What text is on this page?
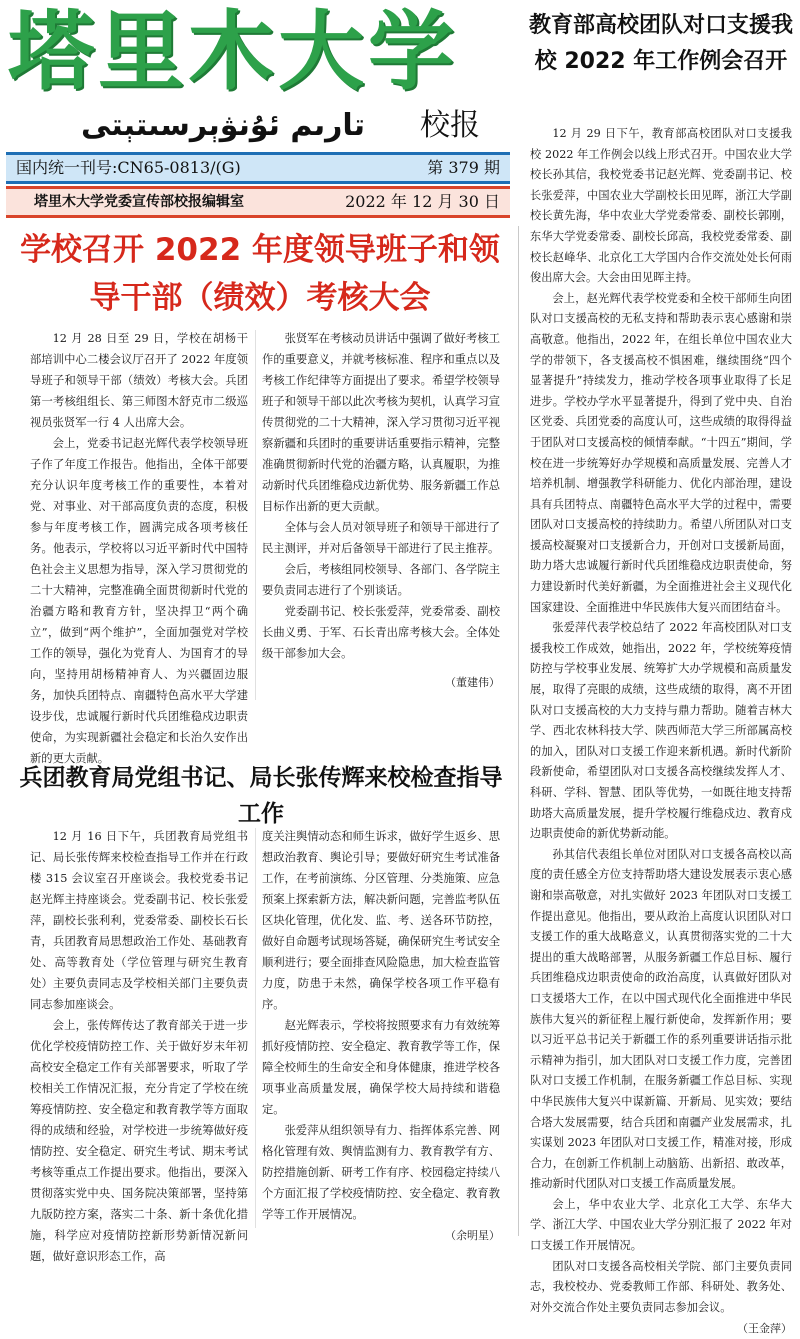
塔里木大学
تارىم ئۇنۋېرسىتېتى	校报
国内统一刊号:CN65-0813/(G)	第 379 期
塔里木大学党委宣传部校报编辑室	2022 年 12 月 30 日
教育部高校团队对口支援我校 2022 年工作例会召开

12 月 29 日下午，教育部高校团队对口支援我校 2022 年工作例会以线上形式召开。中国农业大学校长孙其信，我校党委书记赵光辉、党委副书记、校长张爱萍，中国农业大学副校长田见晖，浙江大学副校长黄先海，华中农业大学党委常委、副校长郭刚，东华大学党委常委、副校长邱高，我校党委常委、副校长赵峰华、北京化工大学国内合作交流处处长何雨俊出席大会。大会由田见晖主持。

会上，赵光辉代表学校党委和全校干部师生向团队对口支援高校的无私支持和帮助表示衷心感谢和崇高敬意。他指出，2022 年，在组长单位中国农业大学的带领下，各支援高校不惧困难，继续围绕“四个显著提升”持续发力，推动学校各项事业取得了长足进步。学校办学水平显著提升，得到了党中央、自治区党委、兵团党委的高度认可，这些成绩的取得得益于团队对口支援高校的倾情奉献。“十四五”期间，学校在进一步统筹好办学规模和高质量发展、完善人才培养机制、增强教学科研能力、优化内部治理，建设具有兵团特点、南疆特色高水平大学的过程中，需要团队对口支援高校的持续助力。希望八所团队对口支援高校凝聚对口支援新合力，开创对口支援新局面，助力塔大忠诚履行新时代兵团维稳戍边职责使命，努力建设新时代美好新疆，为全面推进社会主义现代化国家建设、全面推进中华民族伟大复兴而团结奋斗。

张爱萍代表学校总结了 2022 年高校团队对口支援我校工作成效，她指出，2022 年，学校统筹疫情防控与学校事业发展、统筹扩大办学规模和高质量发展，取得了亮眼的成绩，这些成绩的取得，离不开团队对口支援高校的大力支持与鼎力帮助。随着吉林大学、西北农林科技大学、陕西师范大学三所部属高校的加入，团队对口支援工作迎来新机遇。新时代新阶段新使命，希望团队对口支援各高校继续发挥人才、科研、学科、智慧、团队等优势，一如既往地支持帮助塔大高质量发展，提升学校履行维稳戍边、教育戍边职责使命的新优势新动能。

孙其信代表组长单位对团队对口支援各高校以高度的责任感全方位支持帮助塔大建设发展表示衷心感谢和崇高敬意，对扎实做好 2023 年团队对口支援工作提出意见。他指出，要从政治上高度认识团队对口支援工作的重大战略意义，认真贯彻落实党的二十大提出的重大战略部署，从服务新疆工作总目标、履行兵团维稳戍边职责使命的政治高度，认真做好团队对口支援塔大工作，在以中国式现代化全面推进中华民族伟大复兴的新征程上履行新使命，发挥新作用；要以习近平总书记关于新疆工作的系列重要讲话指示批示精神为指引，加大团队对口支援工作力度，完善团队对口支援工作机制，在服务新疆工作总目标、实现中华民族伟大复兴中谋新篇、开新局、见实效；要结合塔大发展需要，结合兵团和南疆产业发展需求，扎实谋划 2023 年团队对口支援工作，精准对接，形成合力，在创新工作机制上动脑筋、出新招、敢改革，推动新时代团队对口支援工作高质量发展。

会上，华中农业大学、北京化工大学、东华大学、浙江大学、中国农业大学分别汇报了 2022 年对口支援工作开展情况。

团队对口支援各高校相关学院、部门主要负责同志，我校校办、党委教师工作部、科研处、教务处、对外交流合作处主要负责同志参加会议。

（王金萍）
学校召开 2022 年度领导班子和领导干部（绩效）考核大会

12 月 28 日至 29 日，学校在胡杨干部培训中心二楼会议厅召开了 2022 年度领导班子和领导干部（绩效）考核大会。兵团第一考核组组长、第三师图木舒克市二级巡视员张贤军一行 4 人出席大会。

会上，党委书记赵光辉代表学校领导班子作了年度工作报告。他指出，全体干部要充分认识年度考核工作的重要性，本着对党、对事业、对干部高度负责的态度，积极参与年度考核工作，圆满完成各项考核任务。他表示，学校将以习近平新时代中国特色社会主义思想为指导，深入学习贯彻党的二十大精神，完整准确全面贯彻新时代党的治疆方略和教育方针，坚决捍卫“两个确立”，做到“两个维护”，全面加强党对学校工作的领导，强化为党育人、为国育才的导向，坚持用胡杨精神育人、为兴疆固边服务，加快兵团特点、南疆特色高水平大学建设步伐，忠诚履行新时代兵团维稳戍边职责使命，为实现新疆社会稳定和长治久安作出新的更大贡献。

张贤军在考核动员讲话中强调了做好考核工作的重要意义，并就考核标准、程序和重点以及考核工作纪律等方面提出了要求。希望学校领导班子和领导干部以此次考核为契机，认真学习宣传贯彻党的二十大精神，深入学习贯彻习近平视察新疆和兵团时的重要讲话重要指示精神，完整准确贯彻新时代党的治疆方略，认真履职，为推动新时代兵团维稳戍边新优势、服务新疆工作总目标作出新的更大贡献。

全体与会人员对领导班子和领导干部进行了民主测评，并对后备领导干部进行了民主推荐。

会后，考核组同校领导、各部门、各学院主要负责同志进行了个别谈话。

党委副书记、校长张爱萍，党委常委、副校长曲义勇、于军、石长青出席考核大会。全体处级干部参加大会。

（董建伟）
兵团教育局党组书记、局长张传辉来校检查指导工作

12 月 16 日下午，兵团教育局党组书记、局长张传辉来校检查指导工作并在行政楼 315 会议室召开座谈会。我校党委书记赵光辉主持座谈会。党委副书记、校长张爱萍，副校长张利利，党委常委、副校长石长青，兵团教育局思想政治工作处、基础教育处、高等教育处（学位管理与研究生教育处）主要负责同志及学校相关部门主要负责同志参加座谈会。

会上，张传辉传达了教育部关于进一步优化学校疫情防控工作、关于做好岁末年初高校安全稳定工作有关部署要求，听取了学校相关工作情况汇报，充分肯定了学校在统筹疫情防控、安全稳定和教育教学等方面取得的成绩和经验，对学校进一步统筹做好疫情防控、安全稳定、研究生考试、期末考试考核等重点工作提出要求。他指出，要深入贯彻落实党中央、国务院决策部署，坚持第九版防控方案，落实二十条、新十条优化措施，科学应对疫情防控新形势新情况新问题，做好意识形态工作，高

度关注舆情动态和师生诉求，做好学生返乡、思想政治教育、舆论引导；要做好研究生考试准备工作，在考前演练、分区管理、分类施策、应急预案上探索新方法，解决新问题，完善监考队伍区块化管理，优化发、监、考、送各环节防控，做好自命题考试现场答疑，确保研究生考试安全顺利进行；要全面排查风险隐患，加大检查监管力度，防患于未然，确保学校各项工作平稳有序。

赵光辉表示，学校将按照要求有力有效统筹抓好疫情防控、安全稳定、教育教学等工作，保障全校师生的生命安全和身体健康，推进学校各项事业高质量发展，确保学校大局持续和谐稳定。

张爱萍从组织领导有力、指挥体系完善、网格化管理有效、舆情监测有力、教育教学有方、防控措施创新、研考工作有序、校园稳定持续八个方面汇报了学校疫情防控、安全稳定、教育教学等工作开展情况。

（余明星）
